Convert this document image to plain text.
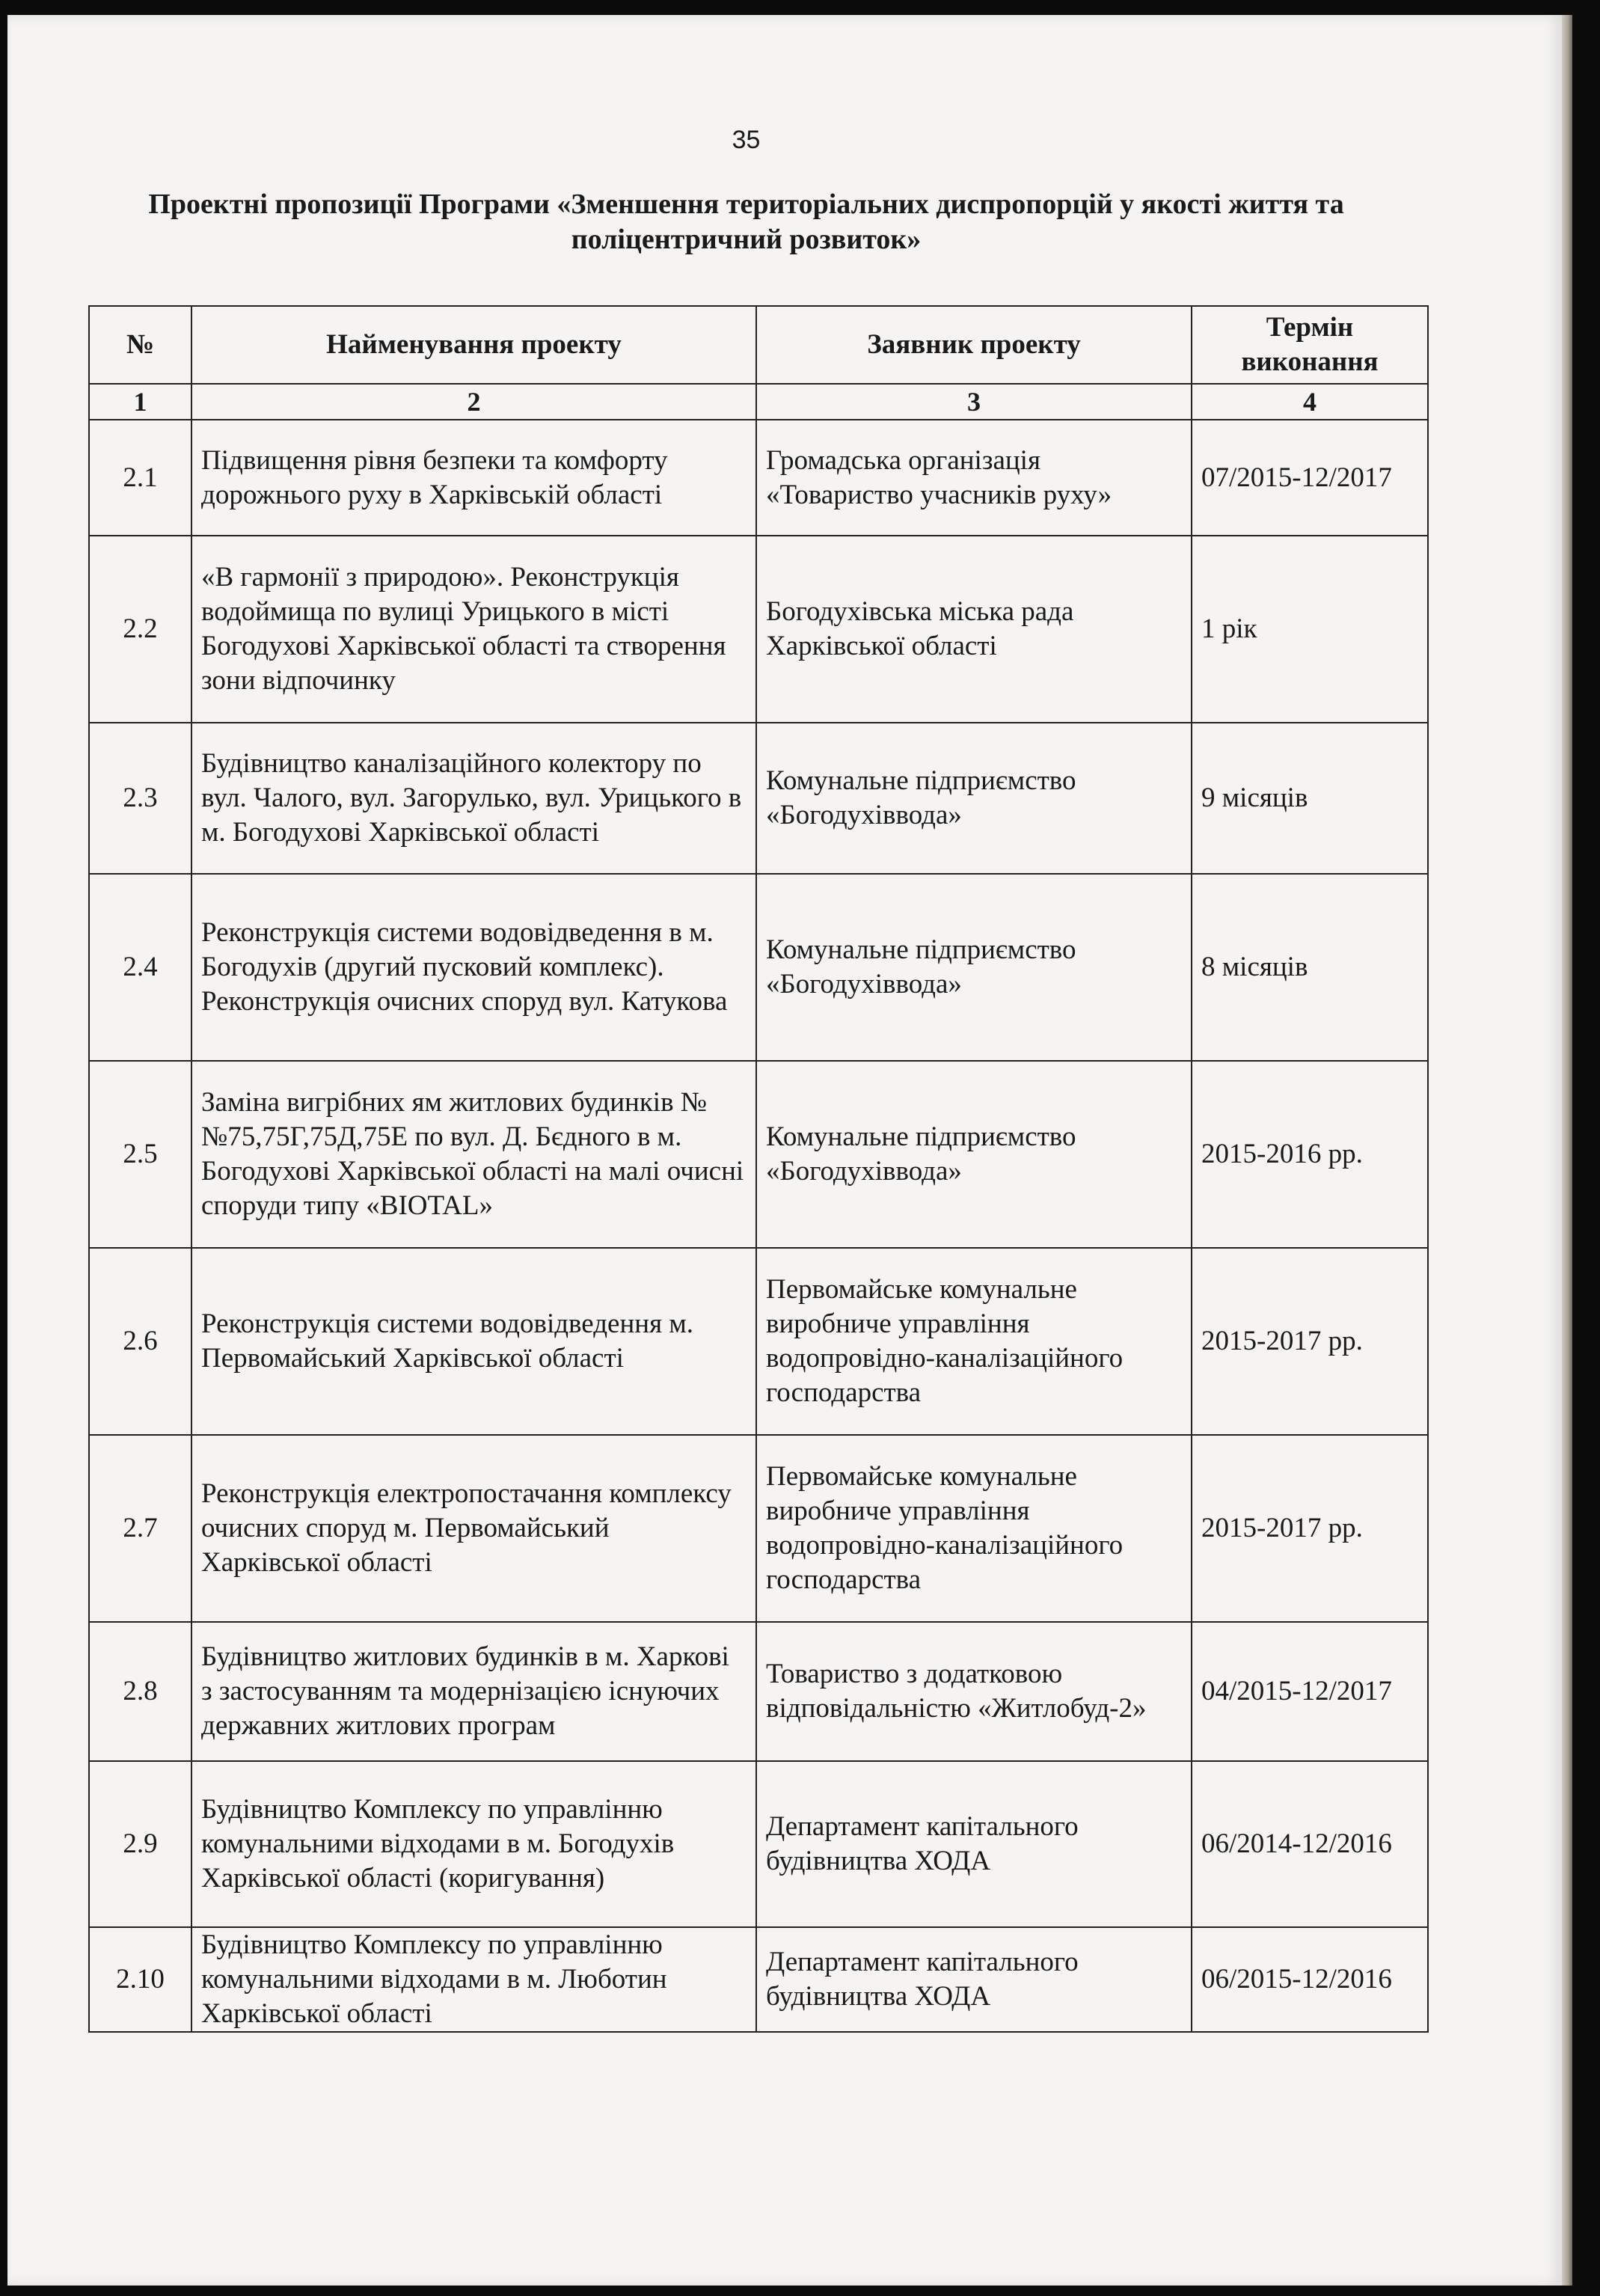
35
Проектні пропозиції Програми «Зменшення територіальних диспропорцій у якості життя та поліцентричний розвиток»
№	Найменування проекту	Заявник проекту	Термін виконання
1	2	3	4
2.1	Підвищення рівня безпеки та комфорту дорожнього руху в Харківській області	Громадська організація «Товариство учасників руху»	07/2015-12/2017
2.2	«В гармонії з природою». Реконструкція водоймища по вулиці Урицького в місті Богодухові Харківської області та створення зони відпочинку	Богодухівська міська рада Харківської області	1 рік
2.3	Будівництво каналізаційного колектору по вул. Чалого, вул. Загорулько, вул. Урицького в м. Богодухові Харківської області	Комунальне підприємство «Богодухівводa»	9 місяців
2.4	Реконструкція системи водовідведення в м. Богодухів (другий пусковий комплекс). Реконструкція очисних споруд вул. Катукова	Комунальне підприємство «Богодухівводa»	8 місяців
2.5	Заміна вигрібних ям житлових будинків №№75,75Г,75Д,75Е по вул. Д. Бєдного в м. Богодухові Харківської області на малі очисні споруди типу «BIOTAL»	Комунальне підприємство «Богодухівводa»	2015-2016 рр.
2.6	Реконструкція системи водовідведення м. Первомайський Харківської області	Первомайське комунальне виробниче управління водопровідно-каналізаційного господарства	2015-2017 рр.
2.7	Реконструкція електропостачання комплексу очисних споруд м. Первомайський Харківської області	Первомайське комунальне виробниче управління водопровідно-каналізаційного господарства	2015-2017 рр.
2.8	Будівництво житлових будинків в м. Харкові з застосуванням та модернізацією існуючих державних житлових програм	Товариство з додатковою відповідальністю «Житлобуд-2»	04/2015-12/2017
2.9	Будівництво Комплексу по управлінню комунальними відходами в м. Богодухів Харківської області (коригування)	Департамент капітального будівництва ХОДА	06/2014-12/2016
2.10	Будівництво Комплексу по управлінню комунальними відходами в м. Люботин Харківської області	Департамент капітального будівництва ХОДА	06/2015-12/2016
